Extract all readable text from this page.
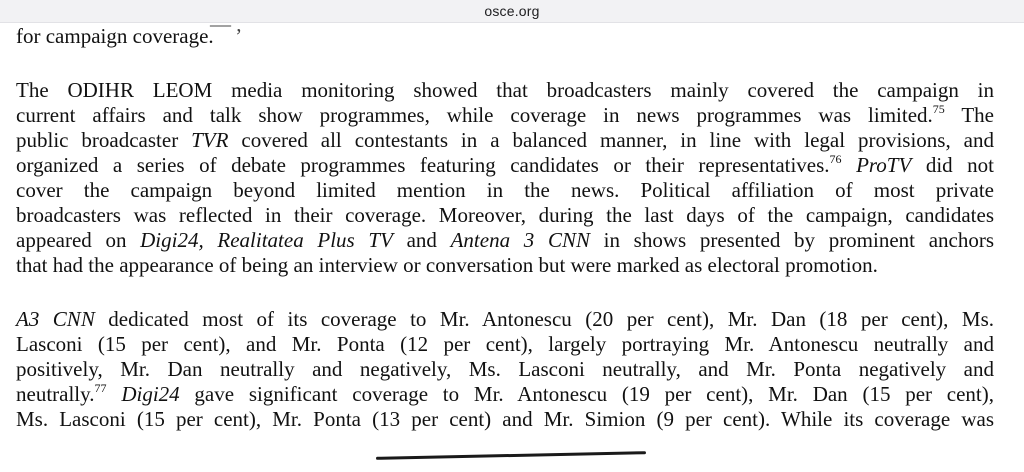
osce.org
— ,
for campaign coverage.
The ODIHR LEOM media monitoring showed that broadcasters mainly covered the campaign in
current affairs and talk show programmes, while coverage in news programmes was limited.$^{75}$ The
public broadcaster TVR covered all contestants in a balanced manner, in line with legal provisions, and
organized a series of debate programmes featuring candidates or their representatives.$^{76}$ ProTV did not
cover the campaign beyond limited mention in the news. Political affiliation of most private
broadcasters was reflected in their coverage. Moreover, during the last days of the campaign, candidates
appeared on Digi24, Realitatea Plus TV and Antena 3 CNN in shows presented by prominent anchors
that had the appearance of being an interview or conversation but were marked as electoral promotion.
A3 CNN dedicated most of its coverage to Mr. Antonescu (20 per cent), Mr. Dan (18 per cent), Ms.
Lasconi (15 per cent), and Mr. Ponta (12 per cent), largely portraying Mr. Antonescu neutrally and
positively, Mr. Dan neutrally and negatively, Ms. Lasconi neutrally, and Mr. Ponta negatively and
neutrally.$^{77}$ Digi24 gave significant coverage to Mr. Antonescu (19 per cent), Mr. Dan (15 per cent),
Ms. Lasconi (15 per cent), Mr. Ponta (13 per cent) and Mr. Simion (9 per cent). While its coverage was
